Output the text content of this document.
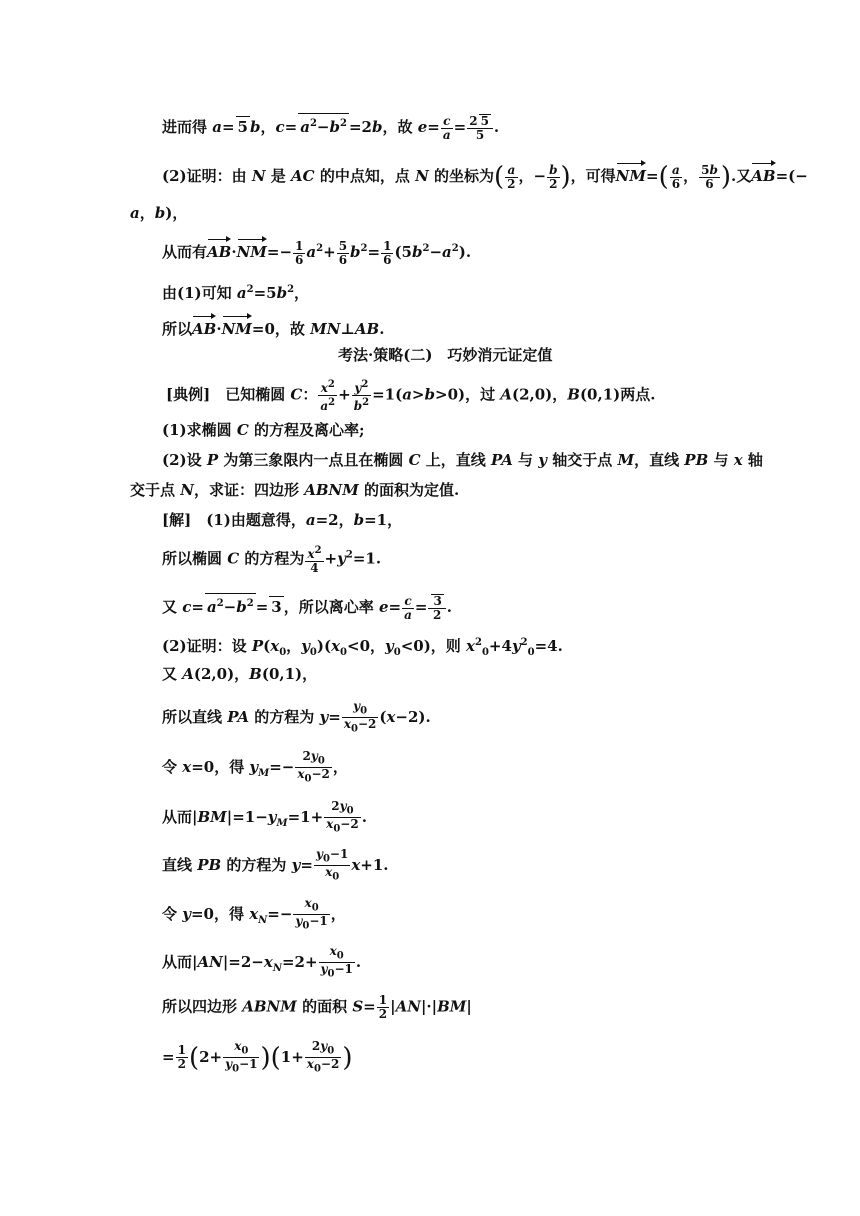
进而得 a= 5 b，$c= a^2-b^2 =2b$，故 $e= \frac{c}{a} = \frac{2 5}{5}$ .
(2)证明：由 N 是 AC 的中点知，点 N 的坐标为( $\frac{a}{2}$ ，− $\frac{b}{2}$ )，可得$NM=( \frac{a}{6}$ ， $\frac{5b}{6}$ ).又AB=(−
a，b)，
从而有$AB\cdot NM=- \frac{1}{6} a^2+ \frac{5}{6} b^2= \frac{1}{6} (5b^2-a^2)$.
由(1)可知 $a^2=5b^2$，
所以AB·NM=0，故 MN⊥AB.
考法·策略(二)　巧妙消元证定值
[典例]　已知椭圆 C： $\frac{x^2}{a^2} + \frac{y^2}{b^2} =1(a>b>0)$，过 A(2,0)，B(0,1)两点.
(1)求椭圆 C 的方程及离心率;
(2)设 P 为第三象限内一点且在椭圆 C 上，直线 PA 与 y 轴交于点 M，直线 PB 与 x 轴
交于点 N，求证：四边形 ABNM 的面积为定值.
[解]　(1)由题意得，a=2，b=1，
所以椭圆 C 的方程为 $\frac{x^2}{4} +y^2=1$.
又 $c= a^2-b^2 = 3$ ，所以离心率 $e= \frac{c}{a} = \frac{3}{2}$ .
(2)证明：设 $P(x_0$，$y_0)(x_0<0$，$y_0<0$)，则 $x^2_0+4y^2_0=4$.
又 A(2,0)，B(0,1)，
所以直线 PA 的方程为 $y= \frac{y_0}{x_0-2} (x-2)$.
令 x=0，得 $y_M=- \frac{2y_0}{x_0-2}$ ，
从而$|BM|=1-y_M=1+ \frac{2y_0}{x_0-2}$ .
直线 PB 的方程为 $y= \frac{y_0-1}{x_0} x+1$.
令 y=0，得 $x_N=- \frac{x_0}{y_0-1}$ ，
从而$|AN|=2-x_N=2+ \frac{x_0}{y_0-1}$ .
所以四边形 ABNM 的面积 $S= \frac{1}{2} |AN|\cdot|BM|$
= $\frac{1}{2} (2+ \frac{x_0}{y_0-1} )(1+ \frac{2y_0}{x_0-2}$ )
